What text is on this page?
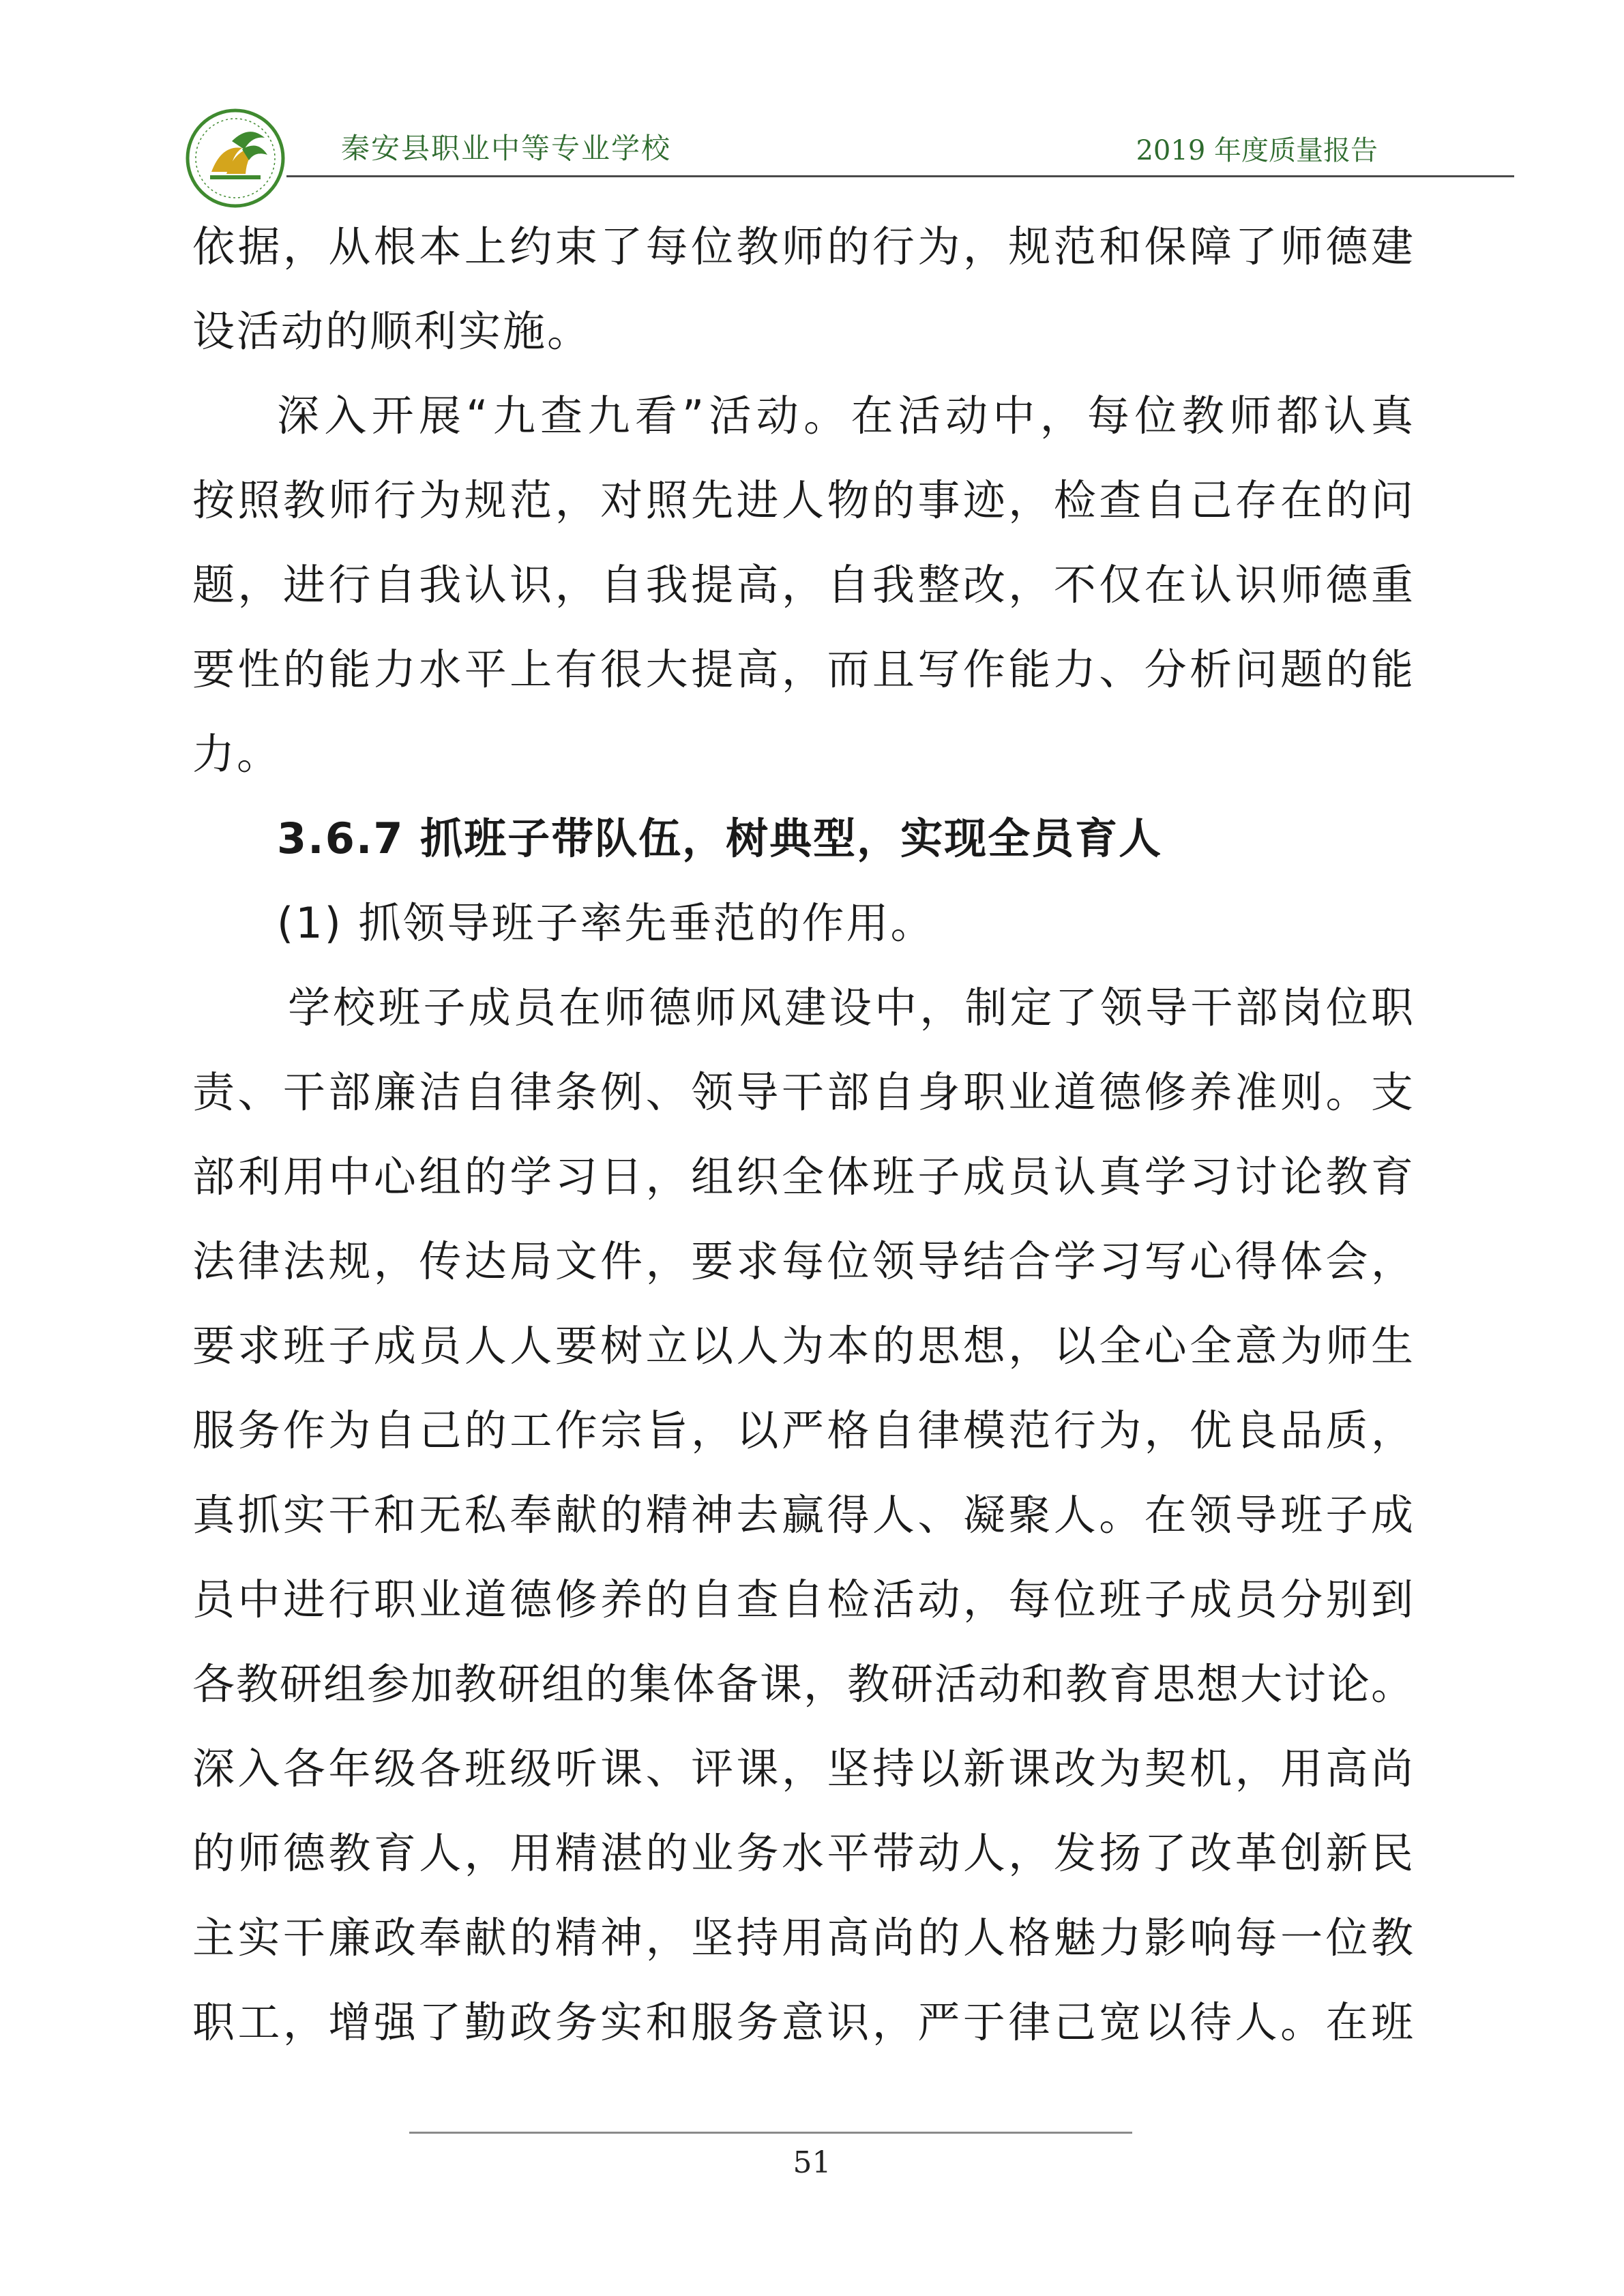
秦安县职业中等专业学校	2019 年度质量报告
依据，从根本上约束了每位教师的行为，规范和保障了师德建
设活动的顺利实施。
深入开展“九查九看”活动。在活动中，每位教师都认真
按照教师行为规范，对照先进人物的事迹，检查自己存在的问
题，进行自我认识，自我提高，自我整改，不仅在认识师德重
要性的能力水平上有很大提高，而且写作能力、分析问题的能
力。
3.6.7 抓班子带队伍，树典型，实现全员育人
(1) 抓领导班子率先垂范的作用。
学校班子成员在师德师风建设中，制定了领导干部岗位职
责、干部廉洁自律条例、领导干部自身职业道德修养准则。支
部利用中心组的学习日，组织全体班子成员认真学习讨论教育
法律法规，传达局文件，要求每位领导结合学习写心得体会，
要求班子成员人人要树立以人为本的思想，以全心全意为师生
服务作为自己的工作宗旨，以严格自律模范行为，优良品质，
真抓实干和无私奉献的精神去赢得人、凝聚人。在领导班子成
员中进行职业道德修养的自查自检活动，每位班子成员分别到
各教研组参加教研组的集体备课，教研活动和教育思想大讨论。
深入各年级各班级听课、评课，坚持以新课改为契机，用高尚
的师德教育人，用精湛的业务水平带动人，发扬了改革创新民
主实干廉政奉献的精神，坚持用高尚的人格魅力影响每一位教
职工，增强了勤政务实和服务意识，严于律己宽以待人。在班
51
